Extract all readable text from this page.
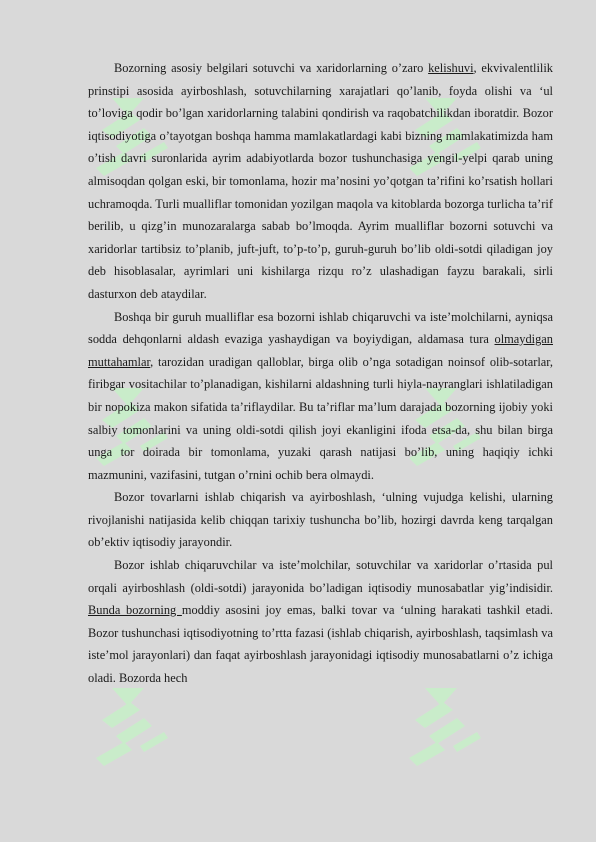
Bozorning asosiy belgilari sotuvchi va xaridorlarning o’zaro kelishuvi, ekvivalentlilik prinstipi asosida ayirboshlash, sotuvchilarning xarajatlari qo’lanib, foyda olishi va ‘ul to’loviga qodir bo’lgan xaridorlarning talabini qondirish va raqobatchilikdan iboratdir. Bozor iqtisodiyotiga o’tayotgan boshqa hamma mamlakatlardagi kabi bizning mamlakatimizda ham o’tish davri suronlarida ayrim adabiyotlarda bozor tushunchasiga yengil-yelpi qarab uning almisoqdan qolgan eski, bir tomonlama, hozir ma’nosini yo’qotgan ta’rifini ko’rsatish hollari uchramoqda. Turli mualliflar tomonidan yozilgan maqola va kitoblarda bozorga turlicha ta’rif berilib, u qizg’in munozaralarga sabab bo’lmoqda. Ayrim mualliflar bozorni sotuvchi va xaridorlar tartibsiz to’planib, juft-juft, to’p-to’p, guruh-guruh bo’lib oldi-sotdi qiladigan joy deb hisoblasalar, ayrimlari uni kishilarga rizqu ro’z ulashadigan fayzu barakali, sirli dasturxon deb ataydilar.

Boshqa bir guruh mualliflar esa bozorni ishlab chiqaruvchi va iste’molchilarni, ayniqsa sodda dehqonlarni aldash evaziga yashaydigan va boyiydigan, aldamasa tura olmaydigan muttahamlar, tarozidan uradigan qalloblar, birga olib o’nga sotadigan noinsof olib-sotarlar, firibgar vositachilar to’planadigan, kishilarni aldashning turli hiyla-nayranglari ishlatiladigan bir nopokiza makon sifatida ta’riflaydilar. Bu ta’riflar ma’lum darajada bozorning ijobiy yoki salbiy tomonlarini va uning oldi-sotdi qilish joyi ekanligini ifoda etsa-da, shu bilan birga unga tor doirada bir tomonlama, yuzaki qarash natijasi bo’lib, uning haqiqiy ichki mazmunini, vazifasini, tutgan o’rnini ochib bera olmaydi.

Bozor tovarlarni ishlab chiqarish va ayirboshlash, ‘ulning vujudga kelishi, ularning rivojlanishi natijasida kelib chiqqan tarixiy tushuncha bo’lib, hozirgi davrda keng tarqalgan ob’ektiv iqtisodiy jarayondir.

Bozor ishlab chiqaruvchilar va iste’molchilar, sotuvchilar va xaridorlar o’rtasida pul orqali ayirboshlash (oldi-sotdi) jarayonida bo’ladigan iqtisodiy munosabatlar yig’indisidir. Bunda bozorning moddiy asosini joy emas, balki tovar va ‘ulning harakati tashkil etadi. Bozor tushunchasi iqtisodiyotning to’rtta fazasi (ishlab chiqarish, ayirboshlash, taqsimlash va iste’mol jarayonlari) dan faqat ayirboshlash jarayonidagi iqtisodiy munosabatlarni o’z ichiga oladi. Bozorda hech
